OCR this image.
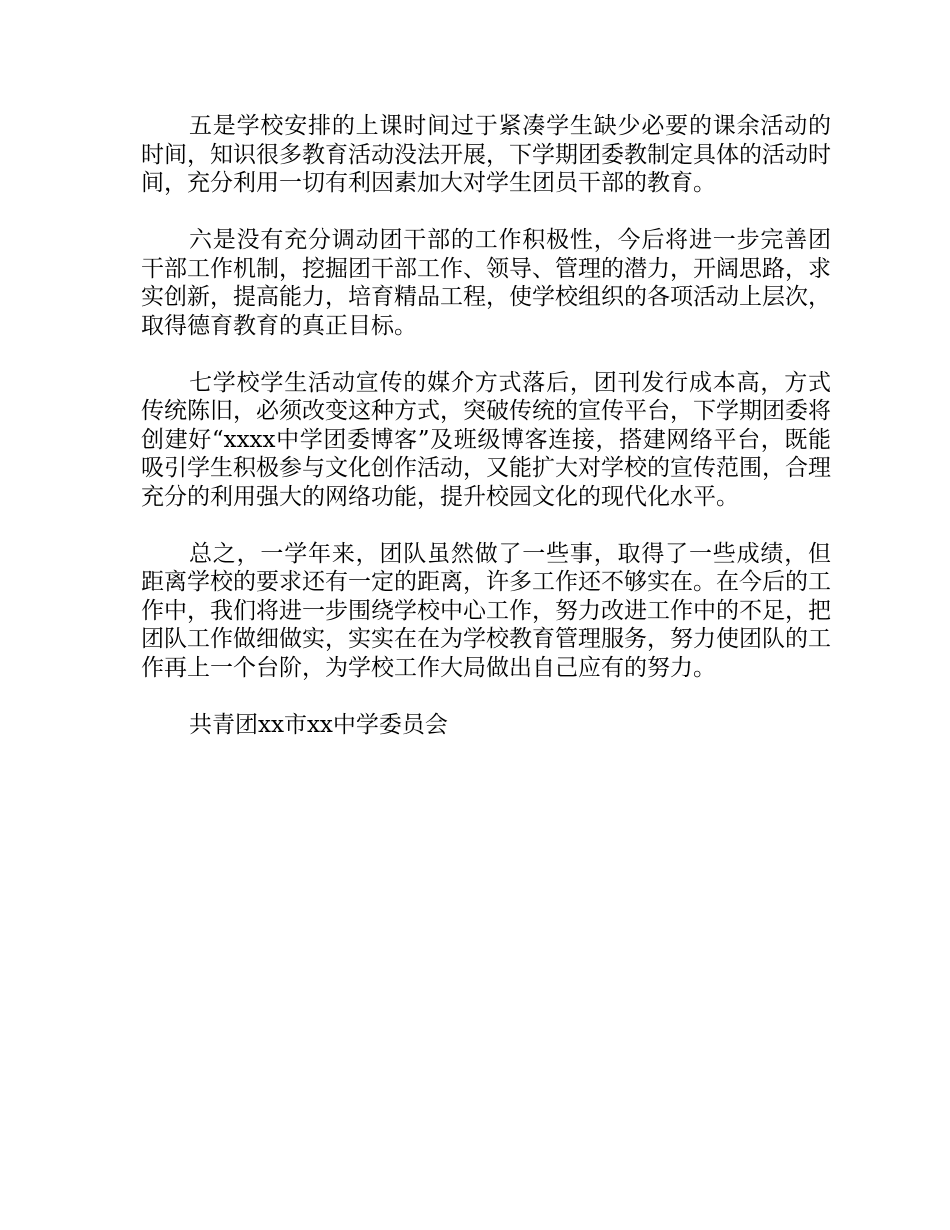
五是学校安排的上课时间过于紧凑学生缺少必要的课余活动的时间，知识很多教育活动没法开展，下学期团委教制定具体的活动时间，充分利用一切有利因素加大对学生团员干部的教育。

六是没有充分调动团干部的工作积极性，今后将进一步完善团干部工作机制，挖掘团干部工作、领导、管理的潜力，开阔思路，求实创新，提高能力，培育精品工程，使学校组织的各项活动上层次，取得德育教育的真正目标。

七学校学生活动宣传的媒介方式落后，团刊发行成本高，方式传统陈旧，必须改变这种方式，突破传统的宣传平台，下学期团委将创建好“xxxx中学团委博客”及班级博客连接，搭建网络平台，既能吸引学生积极参与文化创作活动，又能扩大对学校的宣传范围，合理充分的利用强大的网络功能，提升校园文化的现代化水平。

总之，一学年来，团队虽然做了一些事，取得了一些成绩，但距离学校的要求还有一定的距离，许多工作还不够实在。在今后的工作中，我们将进一步围绕学校中心工作，努力改进工作中的不足，把团队工作做细做实，实实在在为学校教育管理服务，努力使团队的工作再上一个台阶，为学校工作大局做出自己应有的努力。

共青团xx市xx中学委员会
